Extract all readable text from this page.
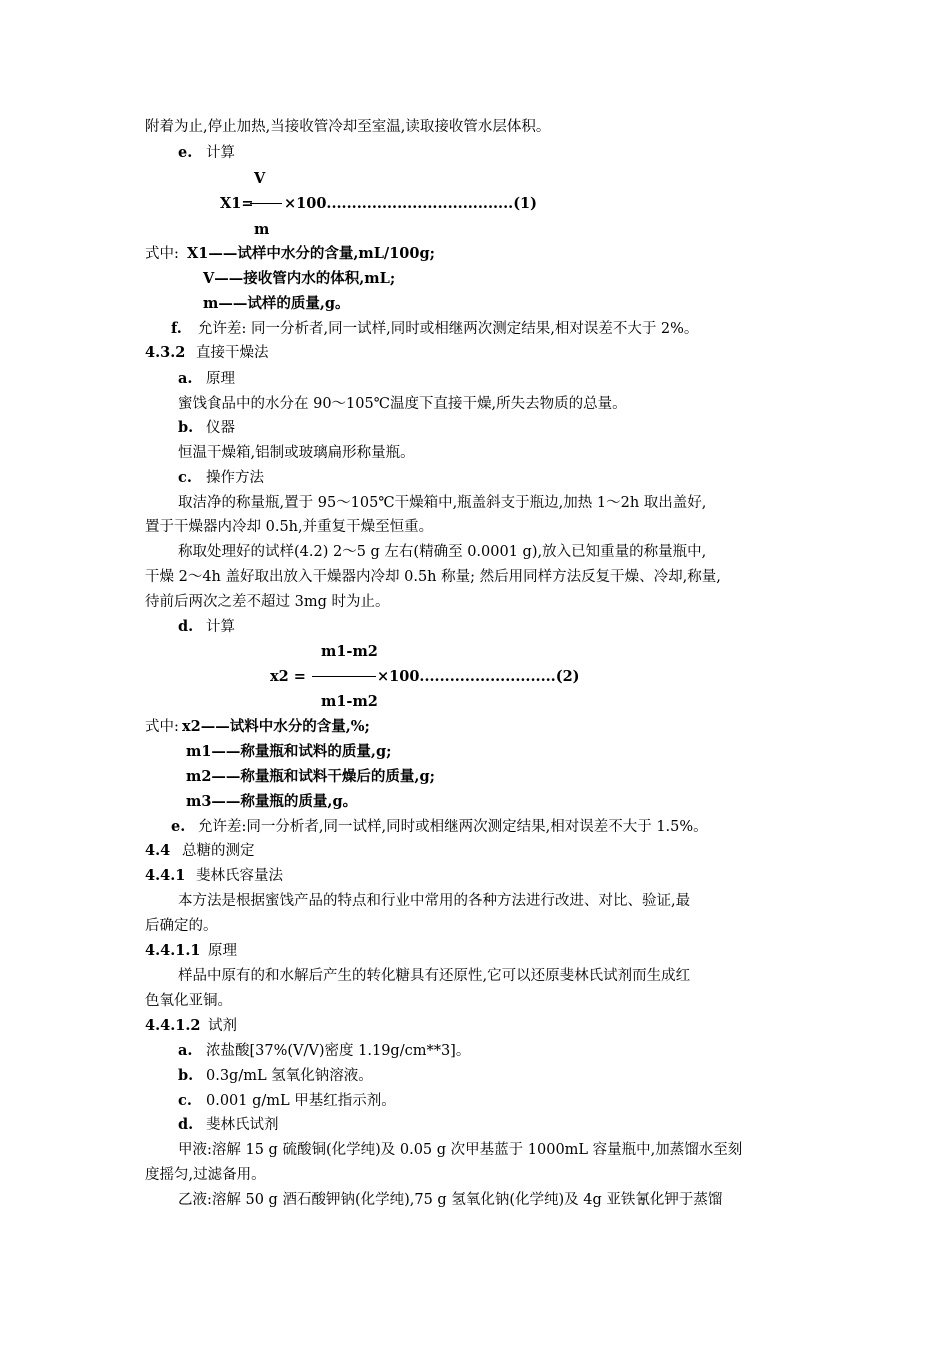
附着为止,停止加热,当接收管冷却至室温,读取接收管水层体积。
e. 计算
V
X1= ×100.....................................(1)
m
式中: X1——试样中水分的含量,mL/100g;
V——接收管内水的体积,mL;
m——试样的质量,g。
f. 允许差: 同一分析者,同一试样,同时或相继两次测定结果,相对误差不大于 2%。
4.3.2 直接干燥法
a. 原理
蜜饯食品中的水分在 90～105℃温度下直接干燥,所失去物质的总量。
b. 仪器
恒温干燥箱,铝制或玻璃扁形称量瓶。
c. 操作方法
取洁净的称量瓶,置于 95～105℃干燥箱中,瓶盖斜支于瓶边,加热 1～2h 取出盖好,
置于干燥器内冷却 0.5h,并重复干燥至恒重。
称取处理好的试样(4.2) 2～5 g 左右(精确至 0.0001 g),放入已知重量的称量瓶中,
干燥 2～4h 盖好取出放入干燥器内冷却 0.5h 称量; 然后用同样方法反复干燥、冷却,称量,
待前后两次之差不超过 3mg 时为止。
d. 计算
m1-m2
x2 =	×100...........................(2)
m1-m2
式中: x2——试料中水分的含量,%;
m1——称量瓶和试料的质量,g;
m2——称量瓶和试料干燥后的质量,g;
m3——称量瓶的质量,g。
e. 允许差:同一分析者,同一试样,同时或相继两次测定结果,相对误差不大于 1.5%。
4.4 总糖的测定
4.4.1 斐林氏容量法
本方法是根据蜜饯产品的特点和行业中常用的各种方法进行改进、对比、验证,最
后确定的。
4.4.1.1 原理
样品中原有的和水解后产生的转化糖具有还原性,它可以还原斐林氏试剂而生成红
色氧化亚铜。
4.4.1.2 试剂
a. 浓盐酸[37%(V/V)密度 1.19g/cm**3]。
b. 0.3g/mL 氢氧化钠溶液。
c. 0.001 g/mL 甲基红指示剂。
d. 斐林氏试剂
甲液:溶解 15 g 硫酸铜(化学纯)及 0.05 g 次甲基蓝于 1000mL 容量瓶中,加蒸馏水至刻
度摇匀,过滤备用。
乙液:溶解 50 g 酒石酸钾钠(化学纯),75 g 氢氧化钠(化学纯)及 4g 亚铁氰化钾于蒸馏
